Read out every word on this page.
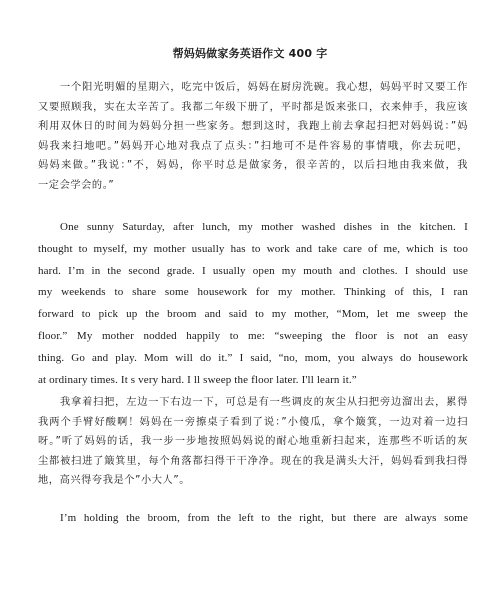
帮妈妈做家务英语作文 400 字
一个阳光明媚的星期六，吃完中饭后，妈妈在厨房洗碗。我心想，妈妈平时又要工作
又要照顾我，实在太辛苦了。我都二年级下册了，平时都是饭来张口，衣来伸手，我应该
利用双休日的时间为妈妈分担一些家务。想到这时，我跑上前去拿起扫把对妈妈说：”妈
妈我来扫地吧。”妈妈开心地对我点了点头：”扫地可不是件容易的事情哦，你去玩吧，
妈妈来做。”我说：”不，妈妈，你平时总是做家务，很辛苦的，以后扫地由我来做，我
一定会学会的。”
One sunny Saturday, after lunch, my mother washed dishes in the kitchen. I
thought to myself, my mother usually has to work and take care of me, which is too
hard. I’m in the second grade. I usually open my mouth and clothes. I should use
my weekends to share some housework for my mother. Thinking of this, I ran
forward to pick up the broom and said to my mother, “Mom, let me sweep the
floor.” My mother nodded happily to me: “sweeping the floor is not an easy
thing. Go and play. Mom will do it.” I said, “no, mom, you always do housework
at ordinary times. It s very hard. I ll sweep the floor later. I'll learn it.”
我拿着扫把，左边一下右边一下，可总是有一些调皮的灰尘从扫把旁边溜出去，累得
我两个手臂好酸啊！妈妈在一旁擦桌子看到了说：”小傻瓜，拿个簸箕，一边对着一边扫
呀。”听了妈妈的话，我一步一步地按照妈妈说的耐心地重新扫起来，连那些不听话的灰
尘都被扫进了簸箕里，每个角落都扫得干干净净。现在的我是满头大汗，妈妈看到我扫得
地，高兴得夸我是个”小大人”。
I’m holding the broom, from the left to the right, but there are always some
